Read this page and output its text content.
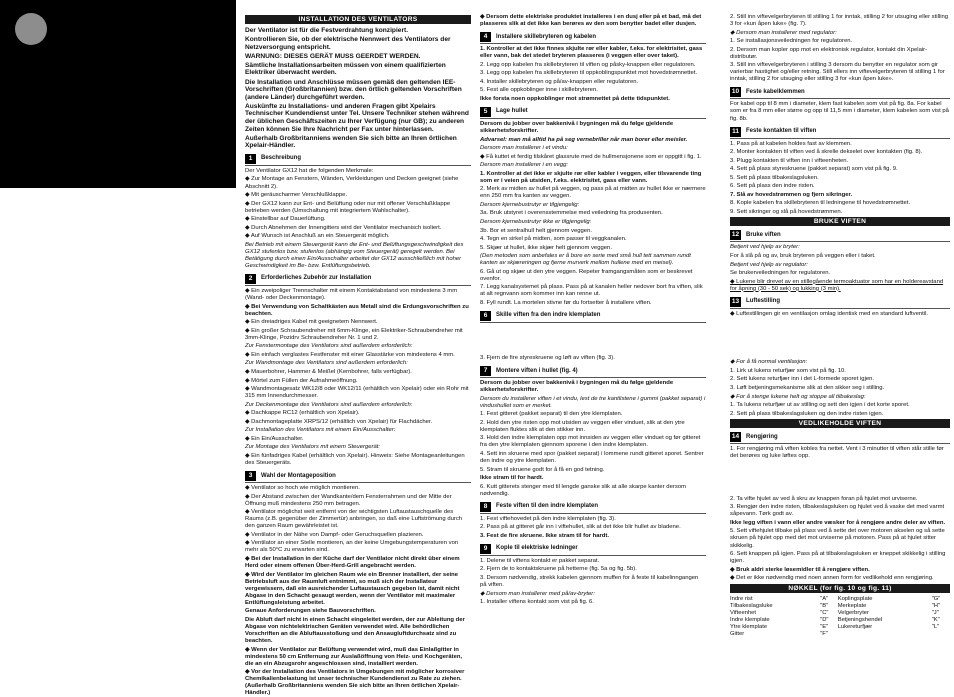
INSTALLATION DES VENTILATORS

Der Ventilator ist für die Festverdrahtung konzipiert.

Kontrollieren Sie, ob der elektrische Nennwert des Ventilators der Netzversorgung entspricht.

WARNUNG: DIESES GERÄT MUSS GEERDET WERDEN.

Sämtliche Installationsarbeiten müssen von einem qualifizierten Elektriker überwacht werden.

Die Installation und Anschlüsse müssen gemäß den geltenden IEE-Vorschriften (Großbritannien) bzw. den örtlich geltenden Vorschriften (andere Länder) durchgeführt werden.

Auskünfte zu Installations- und anderen Fragen gibt Xpelairs Technischer Kundendienst unter Tel. Unsere Techniker stehen während der üblichen Geschäftszeiten zu Ihrer Verfügung (nur GB); zu anderen Zeiten können Sie Ihre Nachricht per Fax unter hinterlassen.

Außerhalb Großbritanniens wenden Sie sich bitte an Ihren örtlichen Xpelair-Händler.

1	Beschreibung

Der Ventilator GX12 hat die folgenden Merkmale:

◆ Zur Montage an Fenstern, Wänden, Verkleidungen und Decken geeignet (siehe Abschnitt 2).

◆ Mit geräuscharmer Verschlußklappe.

◆ Der GX12 kann zur Ent- und Belüftung oder nur mit offener Verschlußklappe betrieben werden (Umschaltung mit integriertem Wahlschalter).

◆ Einstellbar auf Dauerlüftung.

◆ Durch Abnehmen der Innengitters wird der Ventilator mechanisch isoliert.

◆ Auf Wunsch ist Anschluß an ein Steuergerät möglich.

Bei Betrieb mit einem Steuergerät kann die Ent- und Belüftungsgeschwindigkeit des GX12 stufenlos bzw. stufenlos (abhängig vom Steuergerät) geregelt werden. Bei Betätigung durch einen Ein/Ausschalter arbeitet der GX12 ausschließlich mit hoher Geschwindigkeit im Be- bzw. Entlüftungsbetrieb.

2	Erforderliches Zubehör zur Installation

◆ Ein zweipoliger Trennschalter mit einem Kontaktabstand von mindestens 3 mm (Wand- oder Deckenmontage).

◆ Bei Verwendung von Schaltkästen aus Metall sind die Erdungsvorschriften zu beachten.

◆ Ein dreiadriges Kabel mit geeignetem Nennwert.

◆ Ein großer Schraubendreher mit 6mm-Klinge, ein Elektriker-Schraubendreher mit 3mm-Klinge, Pozidrv Schraubendreher Nr. 1 und 2.

Zur Fenstermontage des Ventilators sind außerdem erforderlich:

◆ Ein einfach verglastes Festfenster mit einer Glasstärke von mindestens 4 mm.

Zur Wandmontage des Ventilators sind außerdem erforderlich:

◆ Mauerbohrer, Hammer & Meißel (Kernbohrer, falls verfügbar).

◆ Mörtel zum Füllen der Aufnahmeöffnung.

◆ Wandmontagesatz WK12/8 oder WK12/11 (erhältlich von Xpelair) oder ein Rohr mit 315 mm Innendurchmesser.

Zur Deckenmontage des Ventilators sind außerdem erforderlich:

◆ Dachkappe RC12 (erhältlich von Xpelair).

◆ Dachmontageplatte XRPS/12 (erhältlich von Xpelair) für Flachdächer.

Zur Installation des Ventilators mit einem Ein/Ausschalter:

◆ Ein Ein/Ausschalter.

Zur Montage des Ventilators mit einem Steuergerät:

◆ Ein fünfadriges Kabel (erhältlich von Xpelair). Hinweis: Siehe Montageanleitungen des Steuergeräts.

3	Wahl der Montageposition

◆ Ventilator so hoch wie möglich montieren.

◆ Der Abstand zwischen der Wandkante/dem Fensterrahmen und der Mitte der Öffnung muß mindestens 250 mm betragen.

◆ Ventilator möglichst weit entfernt von der wichtigsten Luftaustauschquelle des Raums (z.B. gegenüber der Zimmertür) anbringen, so daß eine Luftströmung durch den ganzen Raum gewährleistet ist.

◆ Ventilator in der Nähe von Dampf- oder Geruchsquellen plazieren.

◆ Ventilator an einer Stelle montieren, an der keine Umgebungstemperaturen von mehr als 50°C zu erwarten sind.

◆ Bei der Installation in der Küche darf der Ventilator nicht direkt über einem Herd oder einem offenen Über-Herd-Grill angebracht werden.

◆ Wird der Ventilator im gleichen Raum wie ein Brenner installiert, der seine Betriebsluft aus der Raumluft entnimmt, so muß sich der Installateur vergewissern, daß ein ausreichender Luftaustausch gegeben ist, damit nicht Abgase in den Schacht gesaugt werden, wenn der Ventilator mit maximaler Entlüftungsleistung arbeitet.

Genaue Anforderungen siehe Bauvorschriften.

Die Abluft darf nicht in einen Schacht eingeleitet werden, der zur Ableitung der Abgase von nichtelektrischen Geräten verwendet wird. Alle behördlichen Vorschriften an die Abluftausstoßung und den Ansaugluftdurchsatz sind zu beachten.

◆ Wenn der Ventilator zur Belüftung verwendet wird, muß das Einlaßgitter in mindestens 50 cm Entfernung zur Auslaßöffnung von Heiz- und Kochgeräten, die an ein Abzugsrohr angeschlossen sind, installiert werden.

◆ Vor der Installation des Ventilators in Umgebungen mit möglicher korrosiver Chemikalienbelastung ist unser technischer Kundendienst zu Rate zu ziehen. (Außerhalb Großbritanniens wenden Sie sich bitte an Ihren örtlichen Xpelair-Händler.)

◆ Dersom dette elektriske produktet installeres i en dusj eller på et bad, må det plasseres slik at det ikke kan berøres av den som benytter badet eller dusjen.

4	Installere skillebryteren og kabelen

1. Kontroller at det ikke finnes skjulte rør eller kabler, f.eks. for elektrisitet, gass eller vann, bak det stedet bryteren plasseres (i veggen eller over taket).

2. Legg opp kabelen fra skillebryteren til viften og påsky-knappen eller regulatoren.

3. Legg opp kabelen fra skillebryteren til oppkoblingspunktet mot hovedstrømnettet.

4. Installer skillebryteren og på/av-knappen eller regulatoren.

5. Fest alle oppkoblinger inne i skillebryteren.

Ikke forsta noen oppkoblinger mot strømnettet på dette tidspunktet.

5	Lage hullet

Dersom du jobber over bakkenivå i bygningen må du følge gjeldende sikkerhetsforskrifter.

Advarsel: man må alltid ha på seg vernebriller når man borer eller meisler.

Dersom man installerer i et vindu:

◆ Få kuttet et ferdig tilskåret glassrute med de hullmensjonene som er oppgitt i fig. 1.

Dersom man installerer i en vegg:

1. Kontroller at det ikke er skjulte rør eller kabler i veggen, eller tilsvarende ting som er i veien på utsiden, f.eks. elektrisitet, gass eller vann.

2. Merk av midten av hullet på veggen, og pass på at midten av hullet ikke er nærmere enn 250 mm fra kanten av veggen.

Dersom kjernebustrutyr er tilgjengelig:

3a. Bruk utstyret i overensstemmelse med veiledning fra produsenten.

Dersom kjernebustrutyr ikke er tilgjengelig:

3b. Bor et sentralhull helt gjennom veggen.

4. Tegn en sirkel på midten, som passer til veggkanalen.

5. Skjær ut hullet, ikke skjær helt gjennom veggen.

(Den metoden som anbefales er å bore en serie med små hull tett sammen rundt kanten av skjæreringen og fjerne murverk mellom hullene med en meisel).

6. Gå ut og skjær ut den ytre veggen. Repeter framgangsmåten som er beskrevet ovenfor.

7. Legg kanalsystemet på plass. Pass på at kanalen heller nedover bort fra viften, slik at alt regnvann som kommer inn kan renne ut.

8. Fyll rundt. La mortelen stivne før du fortsetter å installere viften.

6	Skille viften fra den indre klemplaten

3. Fjern de fire styreskruene og løft av viften (fig. 3).

7	Montere viften i hullet (fig. 4)

Dersom du jobber over bakkenivå i bygningen må du følge gjeldende sikkerhetsforskrifter.

Dersom du installerer viften i et vindu, lest de tre kantlistene i gummi (pakket separat) i vindushullet som er merket.

1. Fest gitteret (pakket separat) til den ytre klemplaten.

2. Hold den ytre risten opp mot utsiden av veggen eller vinduet, slik at den ytre klemplaten fluktes slik at den stikker inn.

3. Hold den indre klemplaten opp mot innsiden av veggen eller vinduet og før gitteret fra den ytre klemplaten gjennom sporene i den indre klemplaten.

4. Sett inn skruene med spor (pakket separat) i lommene rundt gitteret sporet. Sentrer den indre og ytre klemplaten.

5. Stram til skruene godt for å få en god tetning.

Ikke stram til for hardt.

6. Kutt gitterets stenger med til lengde ganske slik at alle skarpe kanter dersom nødvendig.

8	Feste viften til den indre klemplaten

1. Fest viftehovedet på den indre klemplaten (fig. 3).

2. Pass på at gitteret går inn i viftehullet, slik at det ikke blir hullet av bladene.

3. Fest de fire skruene. Ikke stram til for hardt.

9	Kople til elektriske ledninger

1. Delene til viftens kontakt er pakket separat.

2. Fjern de to kontaktskruene på hetterne (fig. 5a og fig. 5b).

3. Dersom nødvendig, strekk kabelen gjennom muffen for å feste til kabelinngangen på viften.

◆ Dersom man installerer med på/av-bryter:

1. Installer viftens kontakt som vist på fig. 6.

2. Still inn viftevelgerbryteren til stilling 1 for inntak, stilling 2 for utsuging eller stilling 3 for «kun åpen luke» (fig. 7).

◆ Dersom man installerer med regulator:

1. Se installasjonsveiledningen for regulatoren.

2. Dersom man kopler opp mot en elektronisk regulator, kontakt din Xpelair-distributør.

3. Still inn viftevelgerbryteren i stilling 3 dersom du benytter en regulator som gir varierbar hastighet og/eller retning. Still ellers inn viftevelgerbryteren til stilling 1 for inntak, stilling 2 for utsuging eller stilling 3 for «kun åpen luke».

10	Feste kabelklemmen

For kabel opp til 8 mm i diameter, klem fast kabelen som vist på fig. 8a. For kabel som er fra 8 mm eller større og opp til 11,5 mm i diameter, klem kabelen som vist på fig. 8b.

11	Feste kontakten til viften

1. Pass på at kabelen holdes fast av klemmen.

2. Monter kontakten til viften ved å skrelle dekselet over kontakten (fig. 8).

3. Plugg kontakten til viften inn i vifteenheten.

4. Sett på plass styreskruene (pakket separat) som vist på fig. 9.

5. Sett på plass tilbakeslagsluken.

6. Sett på plass den indre risten.

7. Slå av hovedstrømmen og fjern sikringer.

8. Kople kabelen fra skillebryteren til ledningene til hovedstrømnettet.

9. Sett sikringer og slå på hovedstrømmen.

BRUKE VIFTEN
12	Bruke viften

Betjent ved hjelp av bryter:

For å slå på og av, bruk bryteren på veggen eller i taket.

Betjent ved hjelp av regulator:

Se brukerveiledningen for regulatoren.

◆ Lukene blir drevet av en stillegående termoaktuator som har en holdereavstand for åpning (30 - 50 sek) og lukking (3 min).

13	Luftestilling

◆ Luftestillingen gir en ventilasjon omlag identisk med en standard luftventil.

◆ For å få normal ventilasjon:

1. Lirk ut lukens returfjær som vist på fig. 10.

2. Sett lukens returfjær inn i det L-formede sporet igjen.

3. Løft betjeningsmekanisme slik at den sikker seg i stilling.

◆ For å stenge lukene helt og stoppe all tilbakeslag:

1. Ta lukens returfjær ut av stilling og sett den igjen i det korte sporet.

2. Sett på plass tilbakeslagsluken og den indre risten igjen.

VEDLIKEHOLDE VIFTEN
14	Rengjøring

1. For rengjøring må viften kobles fra nettet. Vent i 3 minutter til viften står stille før det berøres og luke løftes opp.

2. Ta vifte hjulet av ved å skru av knappen foran på hjulet mot urviserne.

3. Rengjør den indre risten, tilbakeslagsluken og hjulet ved å vaske det med varmt såpevann. Tørk godt av.

Ikke legg viften i vann eller andre væsker for å rengjøre andre deler av viften.

5. Sett viftehjulet tilbake på plass ved å sette det over motoren akselen og så sette skruen på hjulet opp med det mot urviserne på motoren. Pass på at hjulet sitter skikkelig.

6. Sett knappen på igjen. Pass på at tilbakeslagsluken er kneppet skikkelig i stilling igjen.

◆ Bruk aldri sterke løsemidler til å rengjøre viften.

◆ Det er ikke nødvendig med noen annen form for vedlikehold enn rengjøring.

NØKKEL (for fig. 10 og fig. 11)
Indre rist	"A"	Koplingsplate	"G"
Tilbakeslagsluke	"B"	Merkeplate	"H"
Vifteenhet	"C"	Velgerbryter	"J"
Indre klemplate	"D"	Betjeningshendel	"K"
Ytre klemplate	"E"	Lukereturfjær	"L"
Gitter	"F"		
